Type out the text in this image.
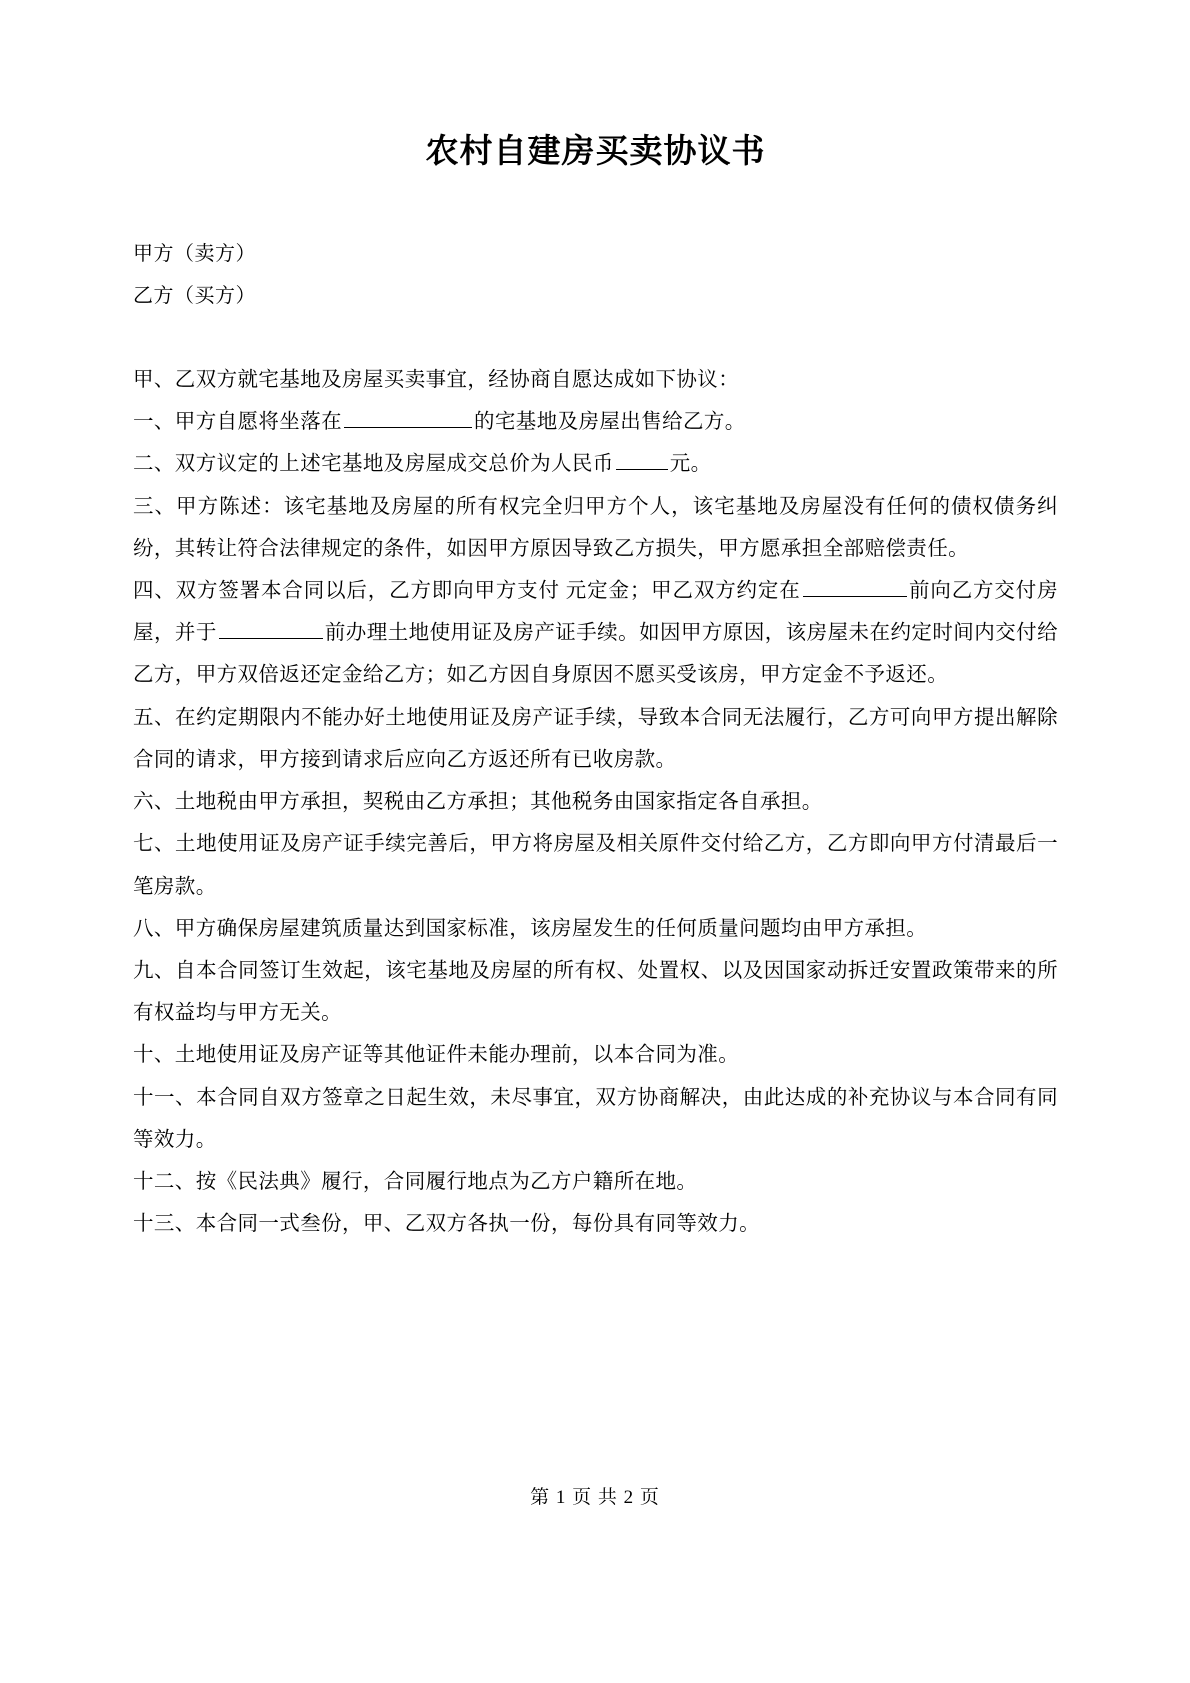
农村自建房买卖协议书
甲方（卖方）
乙方（买方）

甲、乙双方就宅基地及房屋买卖事宜，经协商自愿达成如下协议：

一、甲方自愿将坐落在	的宅基地及房屋出售给乙方。

二、双方议定的上述宅基地及房屋成交总价为人民币	元。

三、甲方陈述：该宅基地及房屋的所有权完全归甲方个人，该宅基地及房屋没有任何的债权债务纠纷，其转让符合法律规定的条件，如因甲方原因导致乙方损失，甲方愿承担全部赔偿责任。

四、双方签署本合同以后，乙方即向甲方支付 元定金；甲乙双方约定在	前向乙方交付房屋，并于	前办理土地使用证及房产证手续。如因甲方原因，该房屋未在约定时间内交付给乙方，甲方双倍返还定金给乙方；如乙方因自身原因不愿买受该房，甲方定金不予返还。

五、在约定期限内不能办好土地使用证及房产证手续，导致本合同无法履行，乙方可向甲方提出解除合同的请求，甲方接到请求后应向乙方返还所有已收房款。

六、土地税由甲方承担，契税由乙方承担；其他税务由国家指定各自承担。

七、土地使用证及房产证手续完善后，甲方将房屋及相关原件交付给乙方，乙方即向甲方付清最后一笔房款。

八、甲方确保房屋建筑质量达到国家标准，该房屋发生的任何质量问题均由甲方承担。

九、自本合同签订生效起，该宅基地及房屋的所有权、处置权、以及因国家动拆迁安置政策带来的所有权益均与甲方无关。

十、土地使用证及房产证等其他证件未能办理前，以本合同为准。

十一、本合同自双方签章之日起生效，未尽事宜，双方协商解决，由此达成的补充协议与本合同有同等效力。

十二、按《民法典》履行，合同履行地点为乙方户籍所在地。

十三、本合同一式叁份，甲、乙双方各执一份，每份具有同等效力。

第 1 页 共 2 页
